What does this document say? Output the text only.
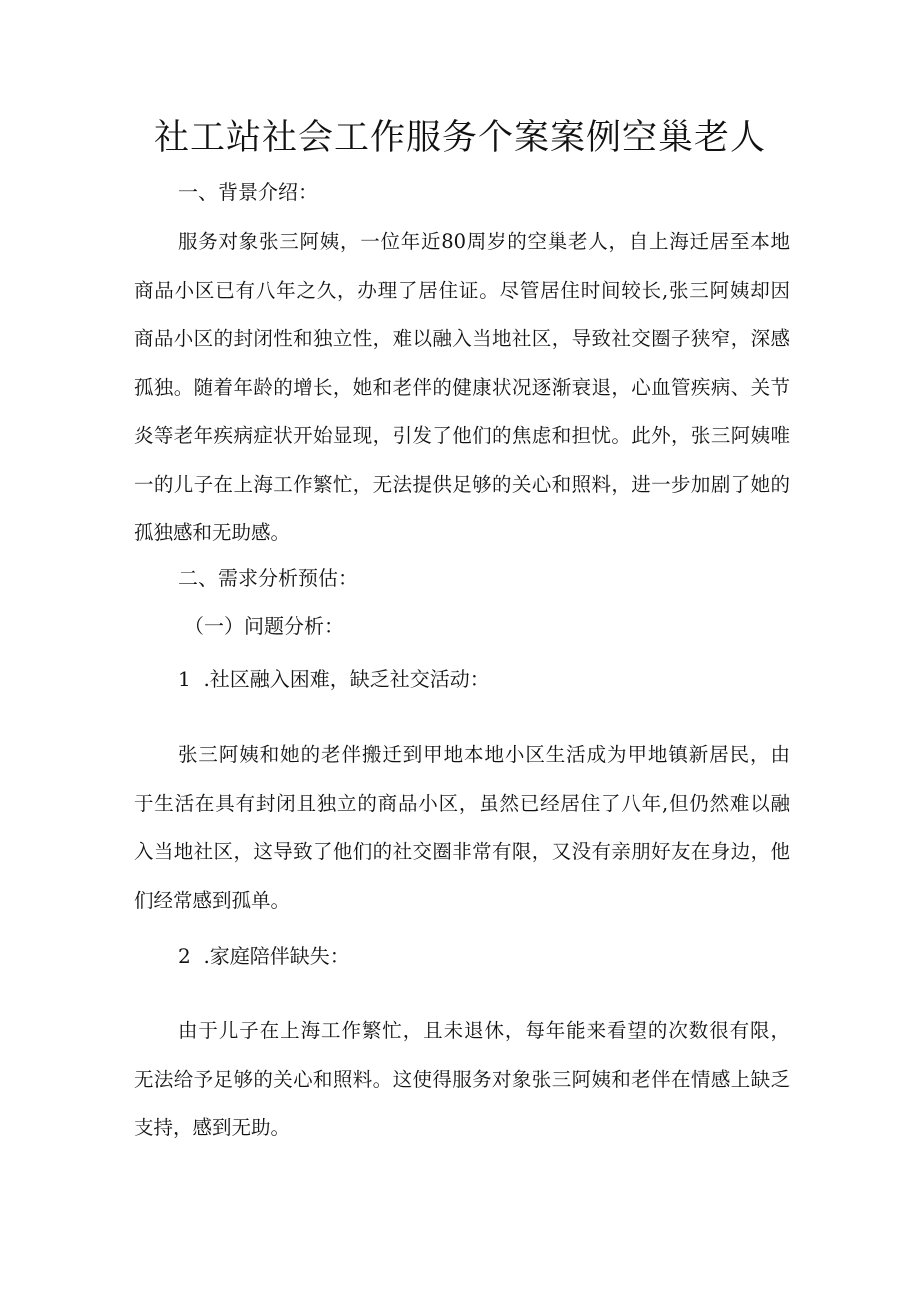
社工站社会工作服务个案案例空巢老人

一、背景介绍：

服务对象张三阿姨，一位年近80周岁的空巢老人，自上海迁居至本地
商品小区已有八年之久，办理了居住证。尽管居住时间较长,张三阿姨却因
商品小区的封闭性和独立性，难以融入当地社区，导致社交圈子狭窄，深感
孤独。随着年龄的增长，她和老伴的健康状况逐渐衰退，心血管疾病、关节
炎等老年疾病症状开始显现，引发了他们的焦虑和担忧。此外，张三阿姨唯
一的儿子在上海工作繁忙，无法提供足够的关心和照料，进一步加剧了她的
孤独感和无助感。

二、需求分析预估：

（一）问题分析：

1  .社区融入困难，缺乏社交活动：

张三阿姨和她的老伴搬迁到甲地本地小区生活成为甲地镇新居民，由
于生活在具有封闭且独立的商品小区，虽然已经居住了八年,但仍然难以融
入当地社区，这导致了他们的社交圈非常有限，又没有亲朋好友在身边，他
们经常感到孤单。

2  .家庭陪伴缺失：

由于儿子在上海工作繁忙，且未退休，每年能来看望的次数很有限，
无法给予足够的关心和照料。这使得服务对象张三阿姨和老伴在情感上缺乏
支持，感到无助。
